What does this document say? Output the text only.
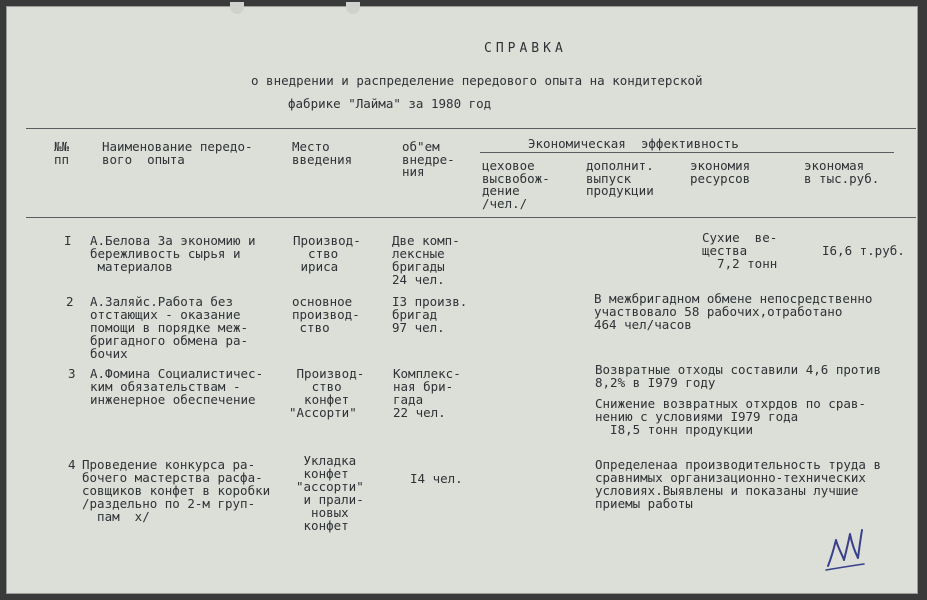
СПРАВКА
о внедрении и распределение передового опыта на кондитерской
фабрике "Лайма" за 1980 год
№№
пп
Наименование передо-
вого  опыта
Место
введения
об"ем
внедре-
ния
Экономическая  эффективность
цеховое
высвобож-
дение
/чел./
дополнит.
выпуск
продукции
экономия
ресурсов
экономая
в тыс.руб.
I А.Белова За экономию и
бережливость сырья и
материалов
Производ-
ство
ириса
Две комп-
лексные
бригады
24 чел.
Сухие  ве-
щества
7,2 тонн
I6,6 т.руб.
2 А.Заляйс.Работа без
отстающих - оказание
помощи в порядке меж-
бригадного обмена ра-
бочих
основное
производ-
ство
I3 произв.
бригад
97 чел.
В межбригадном обмене непосредственно
участвовало 58 рабочих,отработано
464 чел/часов
3 А.Фомина Социалистичес-
ким обязательствам -
инженерное обеспечение
Производ-
ство
конфет
"Ассорти"
Комплекс-
ная бри-
гада
22 чел.
Возвратные отходы составили 4,6 против
8,2% в I979 году
Снижение возвратных отхрдов по срав-
нению с условиями I979 года
I8,5 тонн продукции
4 Проведение конкурса ра-
бочего мастерства расфа-
совщиков конфет в коробки
/раздельно по 2-м груп-
пам  х/
Укладка
конфет
"ассорти"
и прали-
новых
конфет
I4 чел.
Определенаа производительность труда в
сравнимых организационно-технических
условиях.Выявлены и показаны лучшие
приемы работы
